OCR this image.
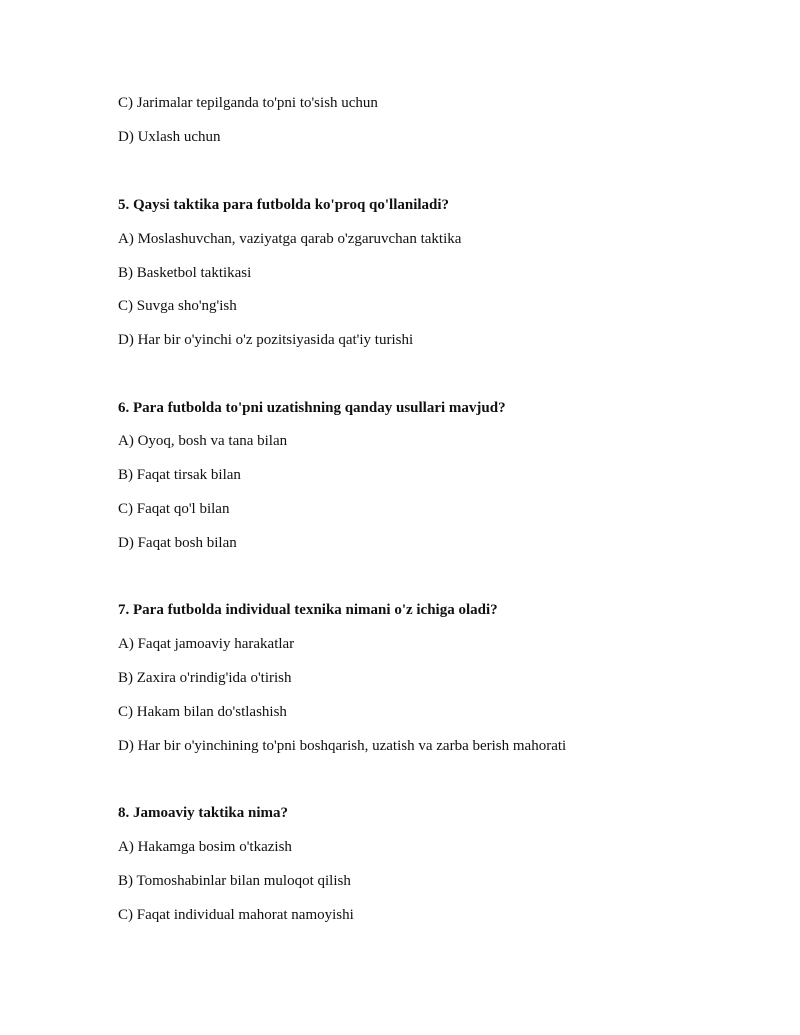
C) Jarimalar tepilganda to'pni to'sish uchun
D) Uxlash uchun
5. Qaysi taktika para futbolda ko'proq qo'llaniladi?
A) Moslashuvchan, vaziyatga qarab o'zgaruvchan taktika
B) Basketbol taktikasi
C) Suvga sho'ng'ish
D) Har bir o'yinchi o'z pozitsiyasida qat'iy turishi
6. Para futbolda to'pni uzatishning qanday usullari mavjud?
A) Oyoq, bosh va tana bilan
B) Faqat tirsak bilan
C) Faqat qo'l bilan
D) Faqat bosh bilan
7. Para futbolda individual texnika nimani o'z ichiga oladi?
A) Faqat jamoaviy harakatlar
B) Zaxira o'rindig'ida o'tirish
C) Hakam bilan do'stlashish
D) Har bir o'yinchining to'pni boshqarish, uzatish va zarba berish mahorati
8. Jamoaviy taktika nima?
A) Hakamga bosim o'tkazish
B) Tomoshabinlar bilan muloqot qilish
C) Faqat individual mahorat namoyishi
